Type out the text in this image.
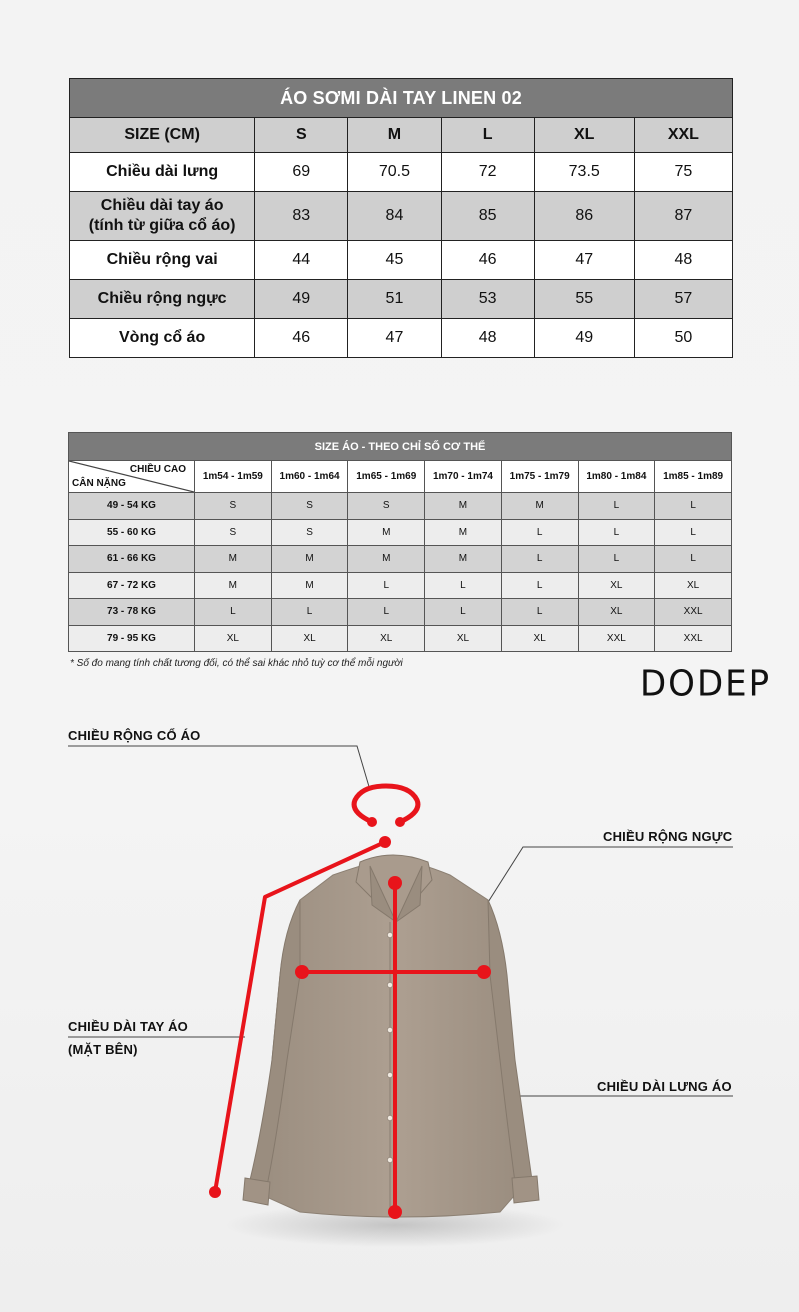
ÁO SƠMI DÀI TAY LINEN 02					
SIZE (CM)	S	M	L	XL	XXL
Chiều dài lưng	69	70.5	72	73.5	75

Chiều dài tay áo
(tính từ giữa cổ áo)	83	84	85	86	87
Chiều rộng vai	44	45	46	47	48
Chiều rộng ngực	49	51	53	55	57
Vòng cổ áo	46	47	48	49	50
SIZE ÁO - THEO CHỈ SỐ CƠ THỂ							

CHIỀU CAO
CÂN NẶNG	1m54 - 1m59	1m60 - 1m64	1m65 - 1m69	1m70 - 1m74	1m75 - 1m79	1m80 - 1m84	1m85 - 1m89
49 - 54 KG	S	S	S	M	M	L	L
55 - 60 KG	S	S	M	M	L	L	L
61 - 66 KG	M	M	M	M	L	L	L
67 - 72 KG	M	M	L	L	L	XL	XL
73 - 78 KG	L	L	L	L	L	XL	XXL
79 - 95 KG	XL	XL	XL	XL	XL	XXL	XXL
* Số đo mang tính chất tương đối, có thể sai khác nhỏ tuỳ cơ thể mỗi người	DODEP
CHIỀU RỘNG CỔ ÁO
CHIỀU RỘNG NGỰC
CHIỀU DÀI TAY ÁO
(MẶT BÊN)
CHIỀU DÀI LƯNG ÁO
